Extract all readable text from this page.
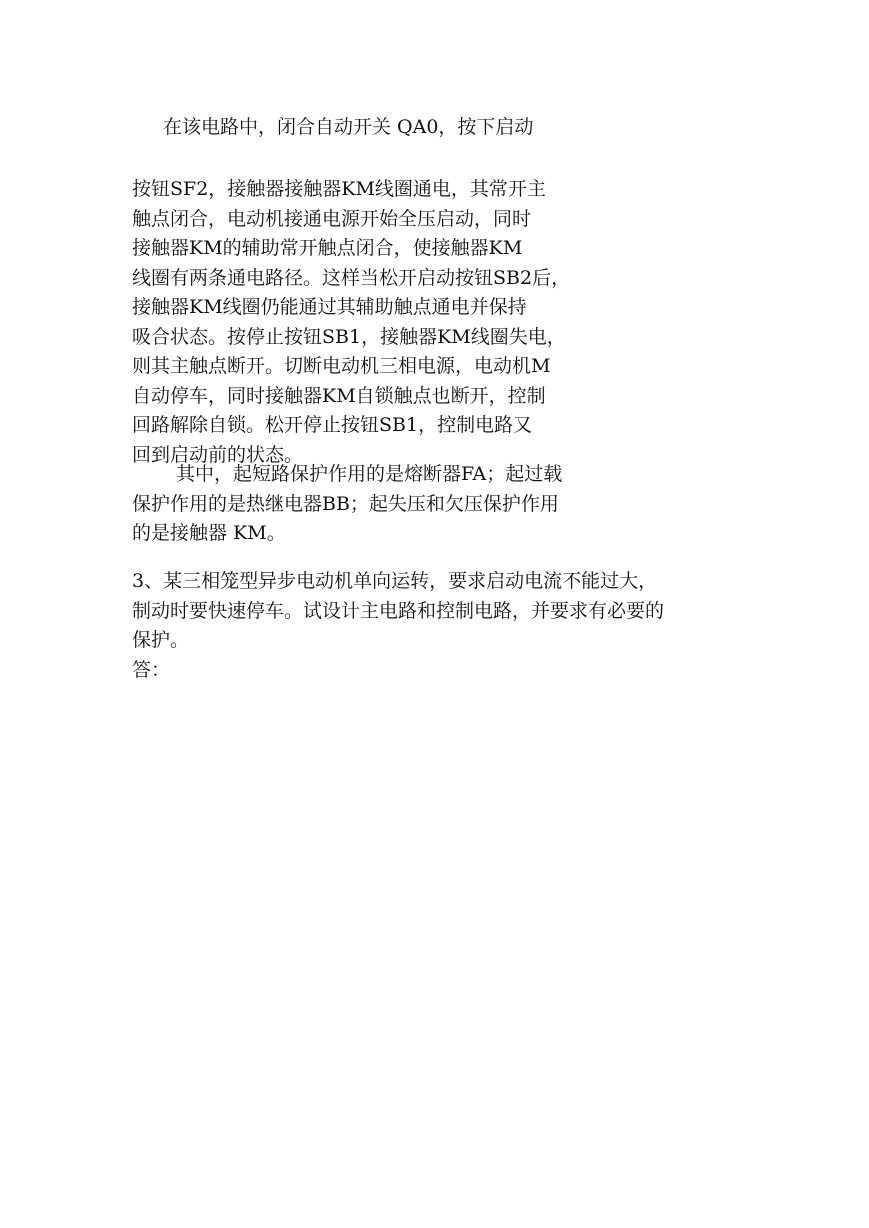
在该电路中，闭合自动开关 QA0，按下启动
按钮SF2，接触器接触器KM线圈通电，其常开主
触点闭合，电动机接通电源开始全压启动，同时
接触器KM的辅助常开触点闭合，使接触器KM
线圈有两条通电路径。这样当松开启动按钮SB2后，
接触器KM线圈仍能通过其辅助触点通电并保持
吸合状态。按停止按钮SB1，接触器KM线圈失电，
则其主触点断开。切断电动机三相电源，电动机M
自动停车，同时接触器KM自锁触点也断开，控制
回路解除自锁。松开停止按钮SB1，控制电路又
回到启动前的状态。
其中，起短路保护作用的是熔断器FA；起过载
保护作用的是热继电器BB；起失压和欠压保护作用
的是接触器 KM。
3、某三相笼型异步电动机单向运转，要求启动电流不能过大，
制动时要快速停车。试设计主电路和控制电路，并要求有必要的
保护。
答：
